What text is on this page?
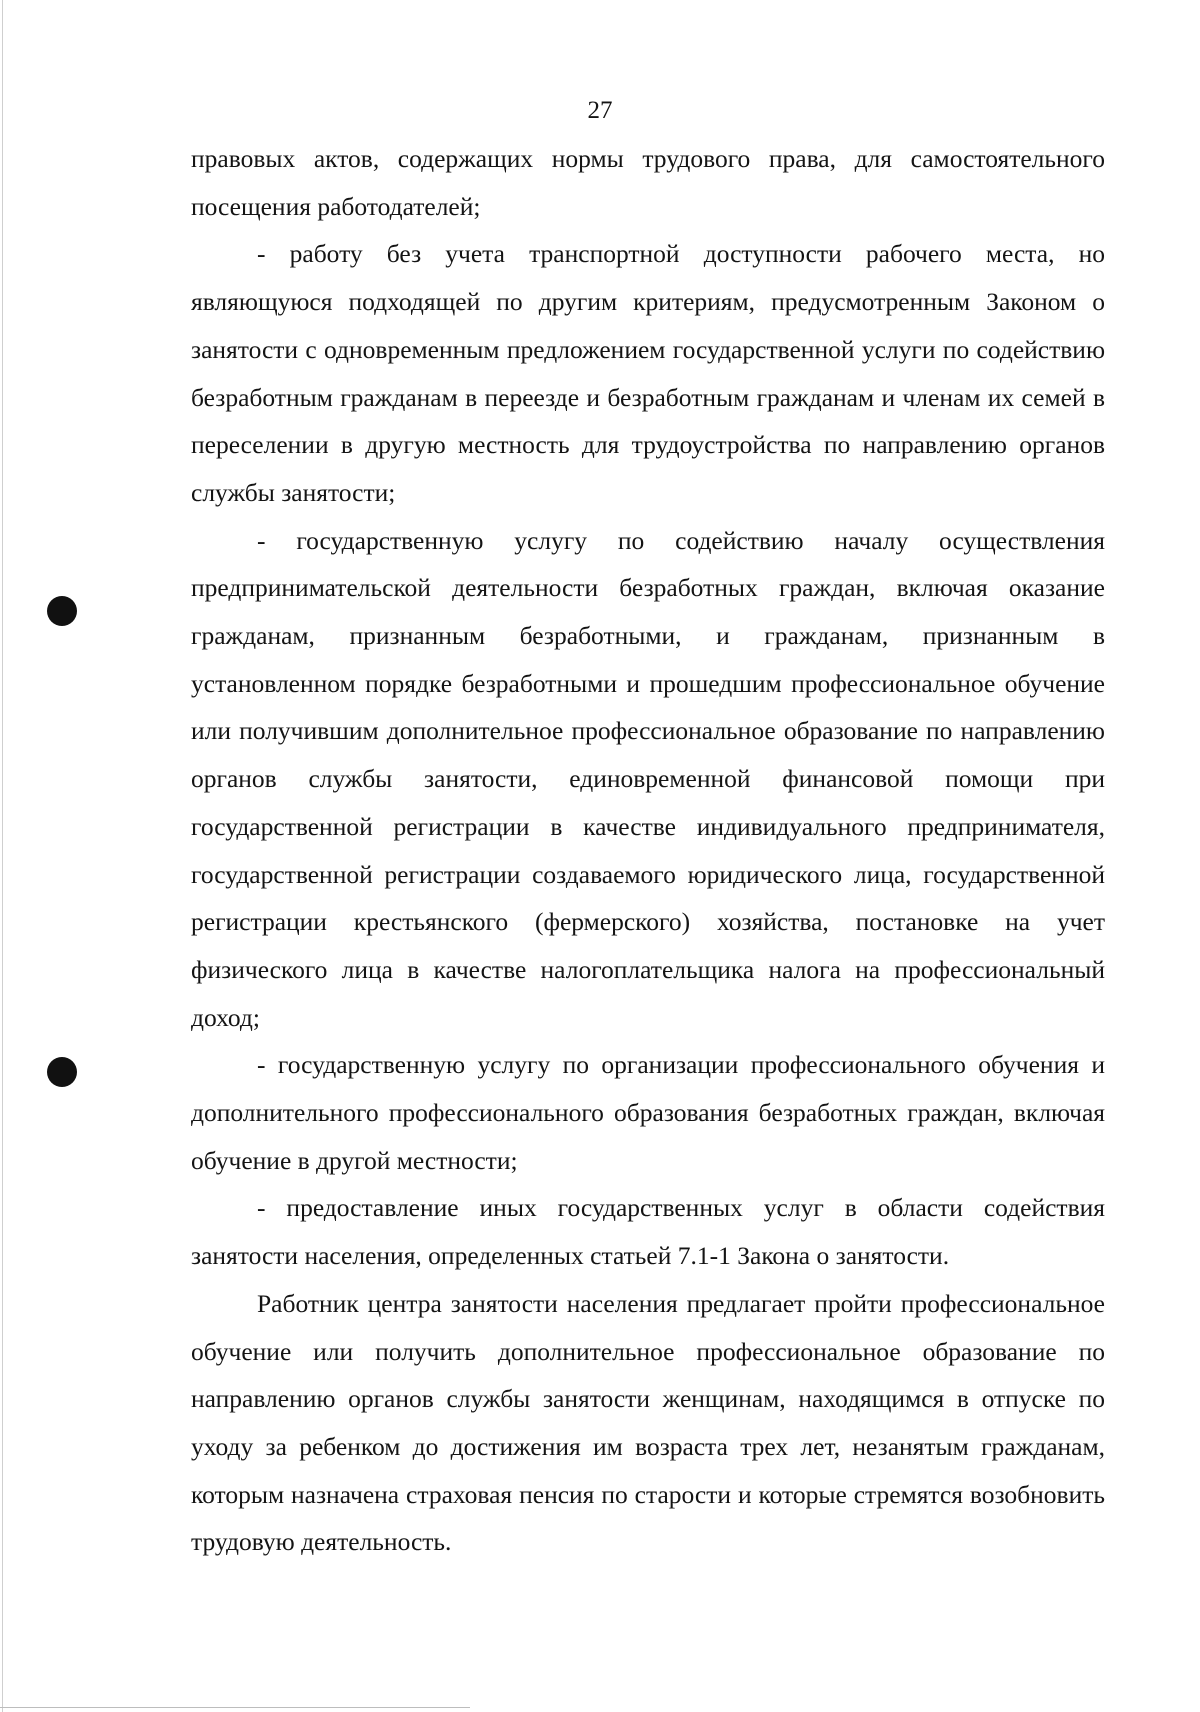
27

правовых актов, содержащих нормы трудового права, для самостоятельного посещения работодателей;

- работу без учета транспортной доступности рабочего места, но являющуюся подходящей по другим критериям, предусмотренным Законом о занятости с одновременным предложением государственной услуги по содействию безработным гражданам в переезде и безработным гражданам и членам их семей в переселении в другую местность для трудоустройства по направлению органов службы занятости;

- государственную услугу по содействию началу осуществления предпринимательской деятельности безработных граждан, включая оказание гражданам, признанным безработными, и гражданам, признанным в установленном порядке безработными и прошедшим профессиональное обучение или получившим дополнительное профессиональное образование по направлению органов службы занятости, единовременной финансовой помощи при государственной регистрации в качестве индивидуального предпринимателя, государственной регистрации создаваемого юридического лица, государственной регистрации крестьянского (фермерского) хозяйства, постановке на учет физического лица в качестве налогоплательщика налога на профессиональный доход;

- государственную услугу по организации профессионального обучения и дополнительного профессионального образования безработных граждан, включая обучение в другой местности;

- предоставление иных государственных услуг в области содействия занятости населения, определенных статьей 7.1-1 Закона о занятости.

Работник центра занятости населения предлагает пройти профессиональное обучение или получить дополнительное профессиональное образование по направлению органов службы занятости женщинам, находящимся в отпуске по уходу за ребенком до достижения им возраста трех лет, незанятым гражданам, которым назначена страховая пенсия по старости и которые стремятся возобновить трудовую деятельность.
